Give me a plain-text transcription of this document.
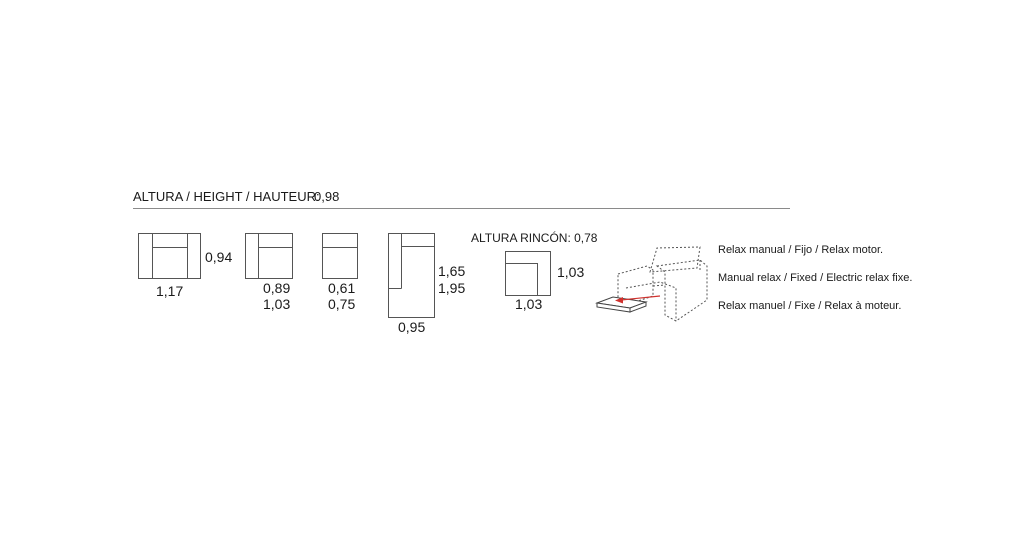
ALTURA / HEIGHT / HAUTEUR:
0,98
0,94
1,17	0,89
1,03
0,61
0,75
1,65
1,95
0,95
ALTURA RINCÓN: 0,78
1,03
1,03
Relax manual / Fijo / Relax motor.
Manual relax / Fixed / Electric relax fixe.
Relax manuel / Fixe / Relax à moteur.
